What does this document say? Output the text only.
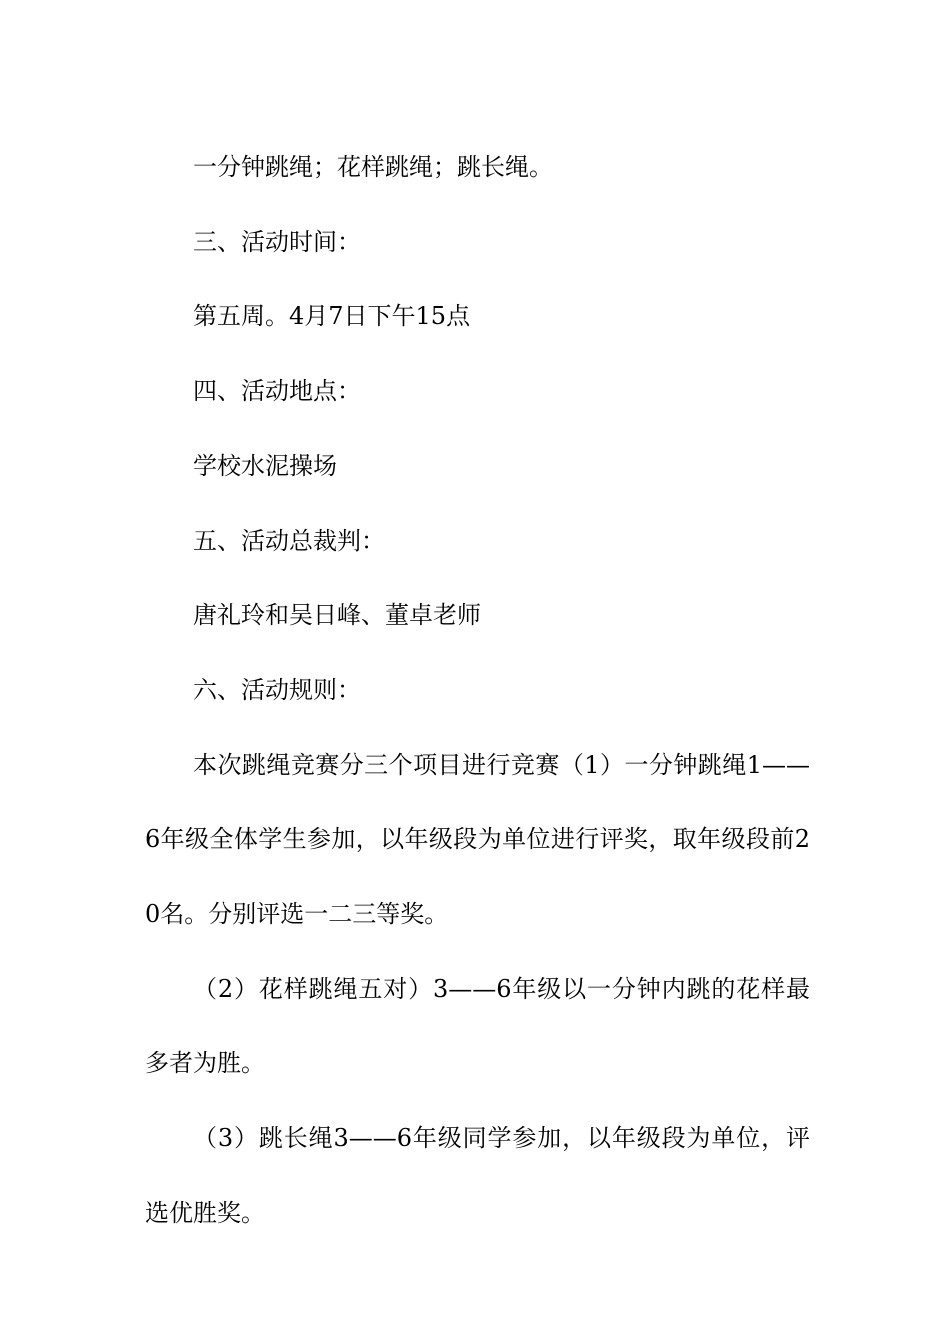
一分钟跳绳；花样跳绳；跳长绳。

三、活动时间：

第五周。4月7日下午15点

四、活动地点：

学校水泥操场

五、活动总裁判：

唐礼玲和吴日峰、董卓老师

六、活动规则：

本次跳绳竞赛分三个项目进行竞赛（1）一分钟跳绳1——6年级全体学生参加，以年级段为单位进行评奖，取年级段前20名。分别评选一二三等奖。

（2）花样跳绳五对）3——6年级以一分钟内跳的花样最多者为胜。

（3）跳长绳3——6年级同学参加，以年级段为单位，评选优胜奖。
